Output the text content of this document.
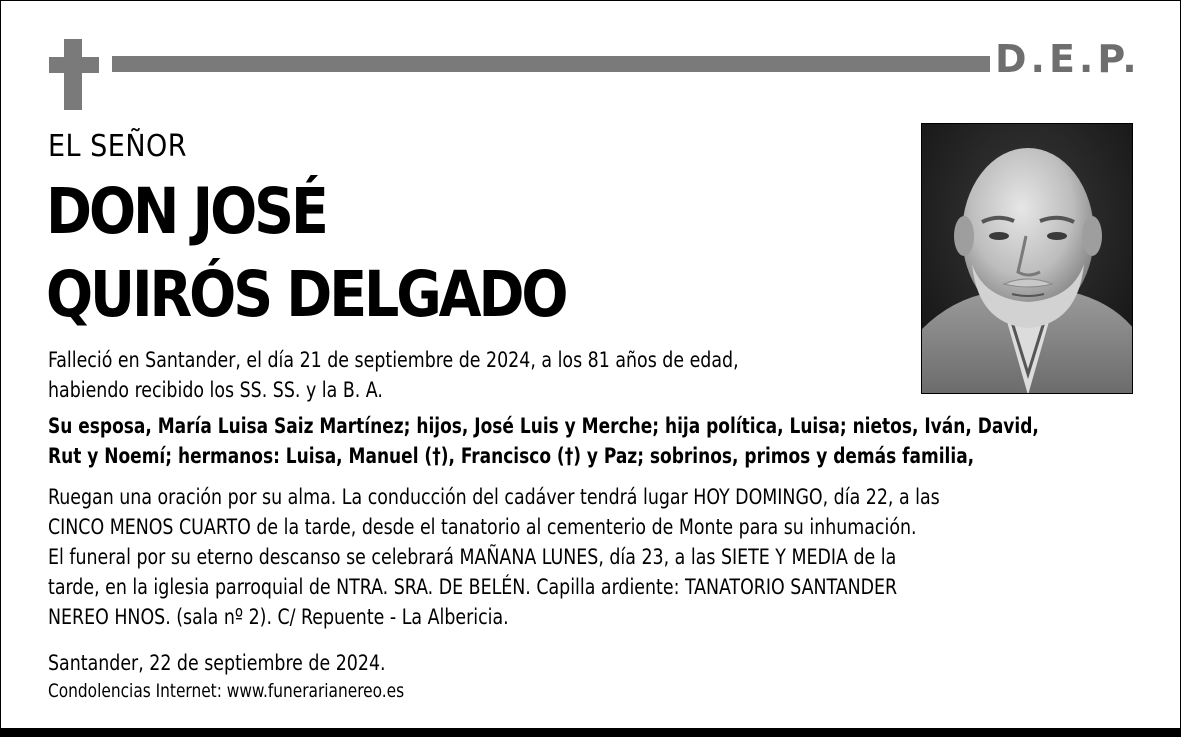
D.E.P.
EL SEÑOR
DON JOSÉ
QUIRÓS DELGADO
Falleció en Santander, el día 21 de septiembre de 2024, a los 81 años de edad,
habiendo recibido los SS. SS. y la B. A.
Su esposa, María Luisa Saiz Martínez; hijos, José Luis y Merche; hija política, Luisa; nietos, Iván, David,
Rut y Noemí; hermanos: Luisa, Manuel (†), Francisco (†) y Paz; sobrinos, primos y demás familia,
Ruegan una oración por su alma. La conducción del cadáver tendrá lugar HOY DOMINGO, día 22, a las
CINCO MENOS CUARTO de la tarde, desde el tanatorio al cementerio de Monte para su inhumación.
El funeral por su eterno descanso se celebrará MAÑANA LUNES, día 23, a las SIETE Y MEDIA de la
tarde, en la iglesia parroquial de NTRA. SRA. DE BELÉN. Capilla ardiente: TANATORIO SANTANDER
NEREO HNOS. (sala nº 2). C/ Repuente - La Albericia.
Santander, 22 de septiembre de 2024.
Condolencias Internet: www.funerarianereo.es
